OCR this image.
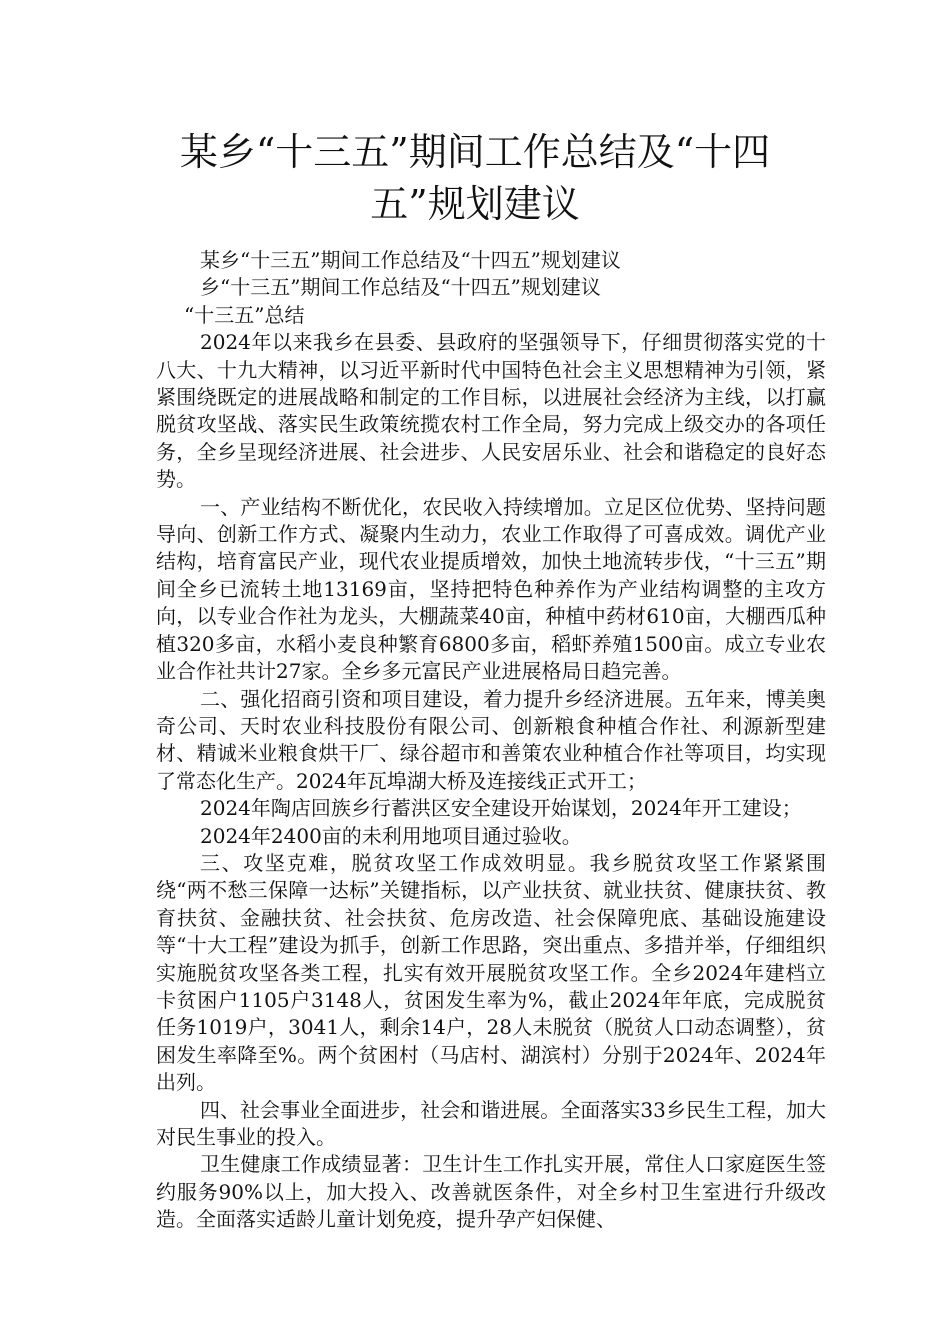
某乡“十三五”期间工作总结及“十四
五”规划建议

某乡“十三五”期间工作总结及“十四五”规划建议

乡“十三五”期间工作总结及“十四五”规划建议

“十三五”总结

2024年以来我乡在县委、县政府的坚强领导下，仔细贯彻落实党的十八大、十九大精神，以习近平新时代中国特色社会主义思想精神为引领，紧紧围绕既定的进展战略和制定的工作目标，以进展社会经济为主线，以打赢脱贫攻坚战、落实民生政策统揽农村工作全局，努力完成上级交办的各项任务，全乡呈现经济进展、社会进步、人民安居乐业、社会和谐稳定的良好态势。

一、产业结构不断优化，农民收入持续增加。立足区位优势、坚持问题导向、创新工作方式、凝聚内生动力，农业工作取得了可喜成效。调优产业结构，培育富民产业，现代农业提质增效，加快土地流转步伐，“十三五”期间全乡已流转土地13169亩，坚持把特色种养作为产业结构调整的主攻方向，以专业合作社为龙头，大棚蔬菜40亩，种植中药材610亩，大棚西瓜种植320多亩，水稻小麦良种繁育6800多亩，稻虾养殖1500亩。成立专业农业合作社共计27家。全乡多元富民产业进展格局日趋完善。

二、强化招商引资和项目建设，着力提升乡经济进展。五年来，博美奥奇公司、天时农业科技股份有限公司、创新粮食种植合作社、利源新型建材、精诚米业粮食烘干厂、绿谷超市和善策农业种植合作社等项目，均实现了常态化生产。2024年瓦埠湖大桥及连接线正式开工；

2024年陶店回族乡行蓄洪区安全建设开始谋划，2024年开工建设；

2024年2400亩的未利用地项目通过验收。

三、攻坚克难，脱贫攻坚工作成效明显。我乡脱贫攻坚工作紧紧围绕“两不愁三保障一达标”关键指标，以产业扶贫、就业扶贫、健康扶贫、教育扶贫、金融扶贫、社会扶贫、危房改造、社会保障兜底、基础设施建设等“十大工程”建设为抓手，创新工作思路，突出重点、多措并举，仔细组织实施脱贫攻坚各类工程，扎实有效开展脱贫攻坚工作。全乡2024年建档立卡贫困户1105户3148人，贫困发生率为%，截止2024年年底，完成脱贫任务1019户，3041人，剩余14户，28人未脱贫（脱贫人口动态调整），贫困发生率降至%。两个贫困村（马店村、湖滨村）分别于2024年、2024年出列。

四、社会事业全面进步，社会和谐进展。全面落实33乡民生工程，加大对民生事业的投入。

卫生健康工作成绩显著：卫生计生工作扎实开展，常住人口家庭医生签约服务90%以上，加大投入、改善就医条件，对全乡村卫生室进行升级改造。全面落实适龄儿童计划免疫，提升孕产妇保健、
